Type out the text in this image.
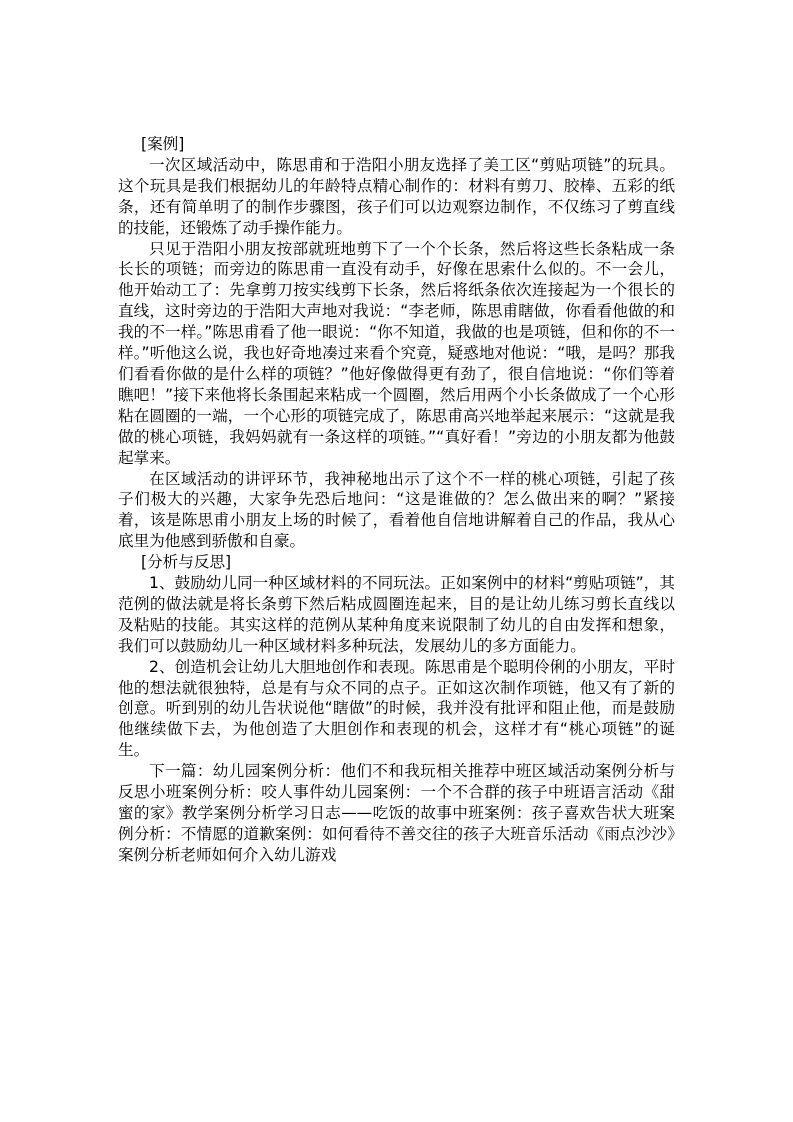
[案例]

一次区域活动中，陈思甫和于浩阳小朋友选择了美工区“剪贴项链”的玩具。这个玩具是我们根据幼儿的年龄特点精心制作的：材料有剪刀、胶棒、五彩的纸条，还有简单明了的制作步骤图，孩子们可以边观察边制作，不仅练习了剪直线的技能，还锻炼了动手操作能力。

只见于浩阳小朋友按部就班地剪下了一个个长条，然后将这些长条粘成一条长长的项链；而旁边的陈思甫一直没有动手，好像在思索什么似的。不一会儿，他开始动工了：先拿剪刀按实线剪下长条，然后将纸条依次连接起为一个很长的直线，这时旁边的于浩阳大声地对我说：“李老师，陈思甫瞎做，你看看他做的和我的不一样。”陈思甫看了他一眼说：“你不知道，我做的也是项链，但和你的不一样。”听他这么说，我也好奇地凑过来看个究竟，疑惑地对他说：“哦，是吗？那我们看看你做的是什么样的项链？”他好像做得更有劲了，很自信地说：“你们等着瞧吧！”接下来他将长条围起来粘成一个圆圈，然后用两个小长条做成了一个心形粘在圆圈的一端，一个心形的项链完成了，陈思甫高兴地举起来展示：“这就是我做的桃心项链，我妈妈就有一条这样的项链。”“真好看！”旁边的小朋友都为他鼓起掌来。

在区域活动的讲评环节，我神秘地出示了这个不一样的桃心项链，引起了孩子们极大的兴趣，大家争先恐后地问：“这是谁做的？怎么做出来的啊？”紧接着，该是陈思甫小朋友上场的时候了，看着他自信地讲解着自己的作品，我从心底里为他感到骄傲和自豪。

[分析与反思]

1、鼓励幼儿同一种区域材料的不同玩法。正如案例中的材料“剪贴项链”，其范例的做法就是将长条剪下然后粘成圆圈连起来，目的是让幼儿练习剪长直线以及粘贴的技能。其实这样的范例从某种角度来说限制了幼儿的自由发挥和想象，我们可以鼓励幼儿一种区域材料多种玩法，发展幼儿的多方面能力。

2、创造机会让幼儿大胆地创作和表现。陈思甫是个聪明伶俐的小朋友，平时他的想法就很独特，总是有与众不同的点子。正如这次制作项链，他又有了新的创意。听到别的幼儿告状说他“瞎做”的时候，我并没有批评和阻止他，而是鼓励他继续做下去，为他创造了大胆创作和表现的机会，这样才有“桃心项链”的诞生。

下一篇：幼儿园案例分析：他们不和我玩相关推荐中班区域活动案例分析与反思小班案例分析：咬人事件幼儿园案例：一个不合群的孩子中班语言活动《甜蜜的家》教学案例分析学习日志——吃饭的故事中班案例：孩子喜欢告状大班案例分析：不情愿的道歉案例：如何看待不善交往的孩子大班音乐活动《雨点沙沙》案例分析老师如何介入幼儿游戏
